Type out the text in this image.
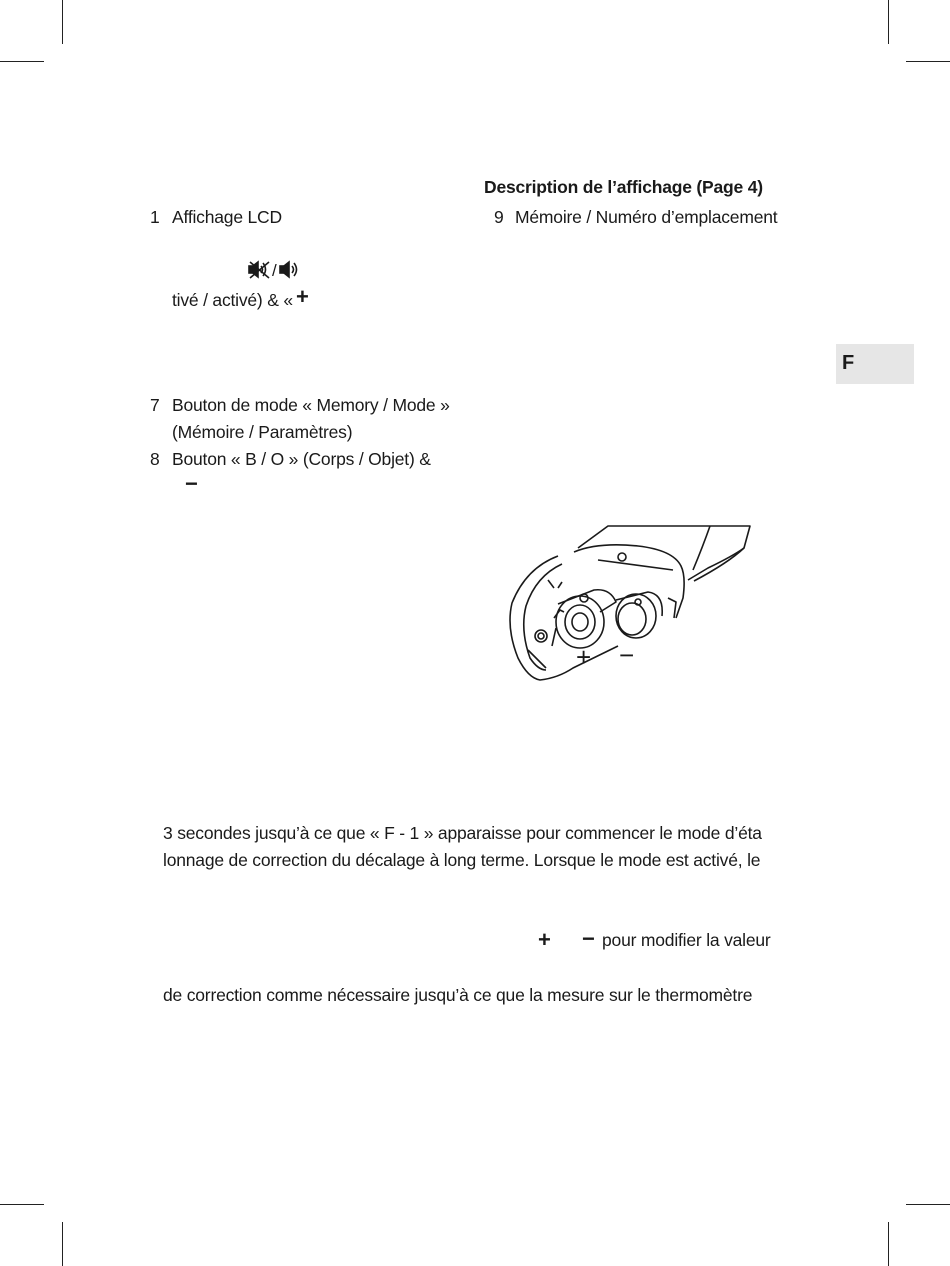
F
Description de l’affichage (Page 4)
9 Mémoire / Numéro d’emplacement
1 Affichage LCD
/
tivé / activé) & « +
7 Bouton de mode « Memory / Mode »
(Mémoire / Paramètres)
8 Bouton « B / O » (Corps / Objet) &
−
+ −
3 secondes jusqu’à ce que « F - 1 » apparaisse pour commencer le mode d’éta
lonnage de correction du décalage à long terme. Lorsque le mode est activé, le
+ − pour modifier la valeur
de correction comme nécessaire jusqu’à ce que la mesure sur le thermomètre
